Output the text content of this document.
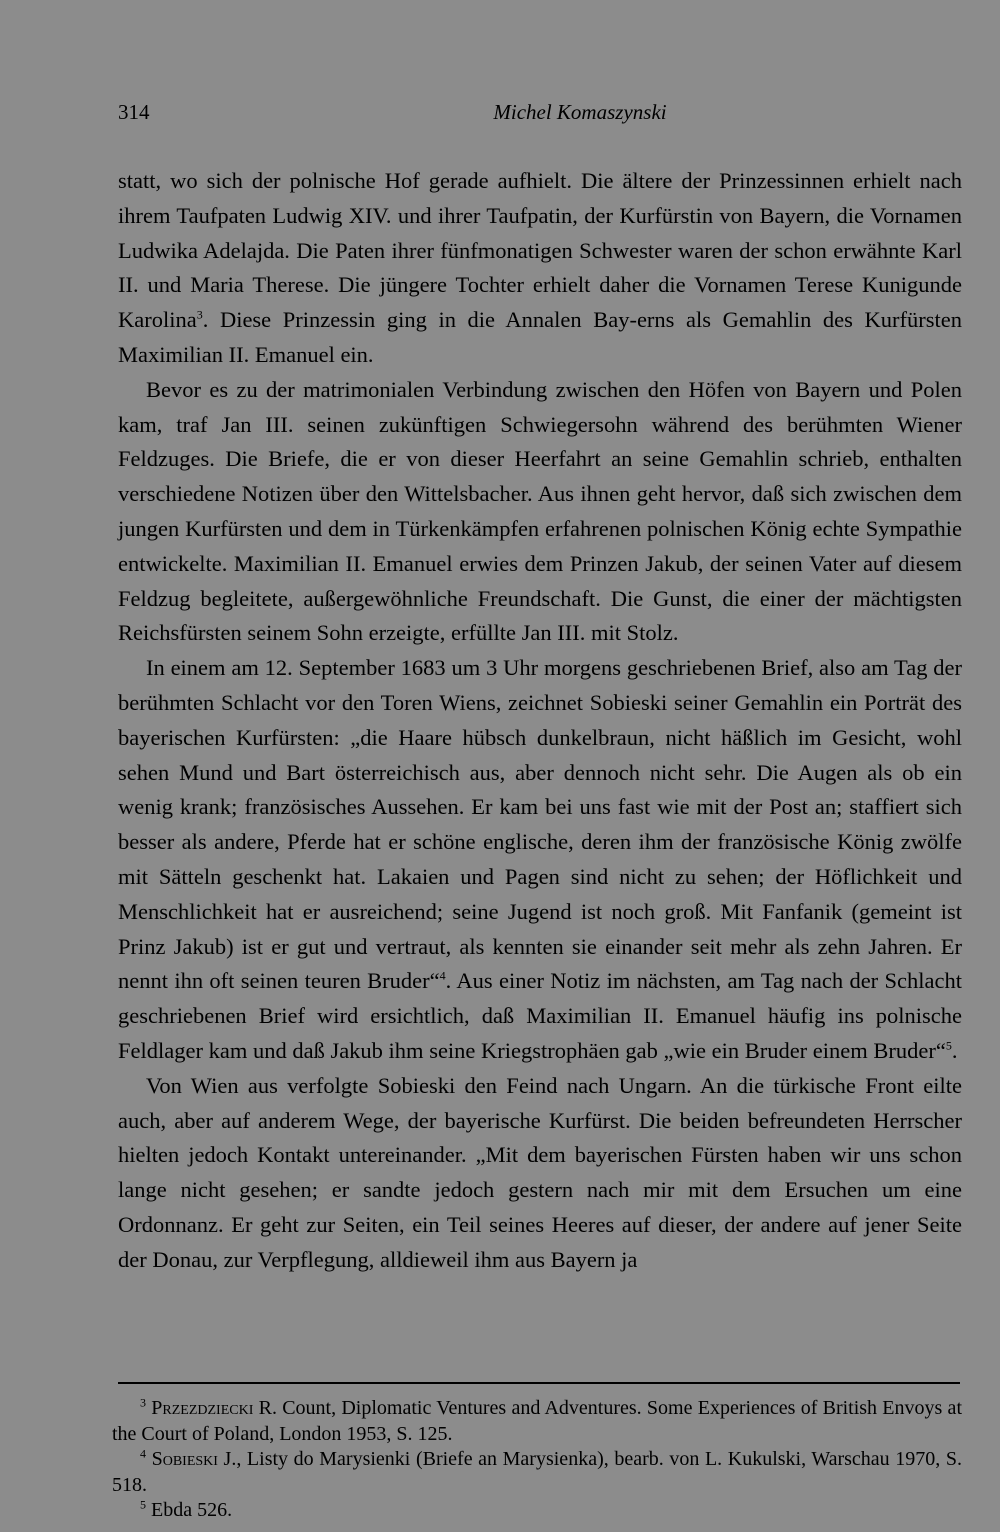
314	Michel Komaszynski

statt, wo sich der polnische Hof gerade aufhielt. Die ältere der Prinzessinnen erhielt nach ihrem Taufpaten Ludwig XIV. und ihrer Taufpatin, der Kurfürstin von Bayern, die Vornamen Ludwika Adelajda. Die Paten ihrer fünfmonatigen Schwester waren der schon erwähnte Karl II. und Maria Therese. Die jüngere Tochter erhielt daher die Vornamen Terese Kunigunde Karolina$^3$. Diese Prinzessin ging in die Annalen Bay-erns als Gemahlin des Kurfürsten Maximilian II. Emanuel ein.

Bevor es zu der matrimonialen Verbindung zwischen den Höfen von Bayern und Polen kam, traf Jan III. seinen zukünftigen Schwiegersohn während des berühmten Wiener Feldzuges. Die Briefe, die er von dieser Heerfahrt an seine Gemahlin schrieb, enthalten verschiedene Notizen über den Wittelsbacher. Aus ihnen geht hervor, daß sich zwischen dem jungen Kurfürsten und dem in Türkenkämpfen erfahrenen polnischen König echte Sympathie entwickelte. Maximilian II. Emanuel erwies dem Prinzen Jakub, der seinen Vater auf diesem Feldzug begleitete, außergewöhnliche Freundschaft. Die Gunst, die einer der mächtigsten Reichsfürsten seinem Sohn erzeigte, erfüllte Jan III. mit Stolz.

In einem am 12. September 1683 um 3 Uhr morgens geschriebenen Brief, also am Tag der berühmten Schlacht vor den Toren Wiens, zeichnet Sobieski seiner Gemahlin ein Porträt des bayerischen Kurfürsten: „die Haare hübsch dunkelbraun, nicht häßlich im Gesicht, wohl sehen Mund und Bart österreichisch aus, aber dennoch nicht sehr. Die Augen als ob ein wenig krank; französisches Aussehen. Er kam bei uns fast wie mit der Post an; staffiert sich besser als andere, Pferde hat er schöne englische, deren ihm der französische König zwölfe mit Sätteln geschenkt hat. Lakaien und Pagen sind nicht zu sehen; der Höflichkeit und Menschlichkeit hat er ausreichend; seine Jugend ist noch groß. Mit Fanfanik (gemeint ist Prinz Jakub) ist er gut und vertraut, als kennten sie einander seit mehr als zehn Jahren. Er nennt ihn oft seinen teuren Bruder“$^4$. Aus einer Notiz im nächsten, am Tag nach der Schlacht geschriebenen Brief wird ersichtlich, daß Maximilian II. Emanuel häufig ins polnische Feldlager kam und daß Jakub ihm seine Kriegstrophäen gab „wie ein Bruder einem Bruder“$^5$.

Von Wien aus verfolgte Sobieski den Feind nach Ungarn. An die türkische Front eilte auch, aber auf anderem Wege, der bayerische Kurfürst. Die beiden befreundeten Herrscher hielten jedoch Kontakt untereinander. „Mit dem bayerischen Fürsten haben wir uns schon lange nicht gesehen; er sandte jedoch gestern nach mir mit dem Ersuchen um eine Ordonnanz. Er geht zur Seiten, ein Teil seines Heeres auf dieser, der andere auf jener Seite der Donau, zur Verpflegung, alldieweil ihm aus Bayern ja

$^3$ Przezdziecki R. Count, Diplomatic Ventures and Adventures. Some Experiences of British Envoys at the Court of Poland, London 1953, S. 125.

$^4$ Sobieski J., Listy do Marysienki (Briefe an Marysienka), bearb. von L. Kukulski, Warschau 1970, S. 518.

$^5$ Ebda 526.
